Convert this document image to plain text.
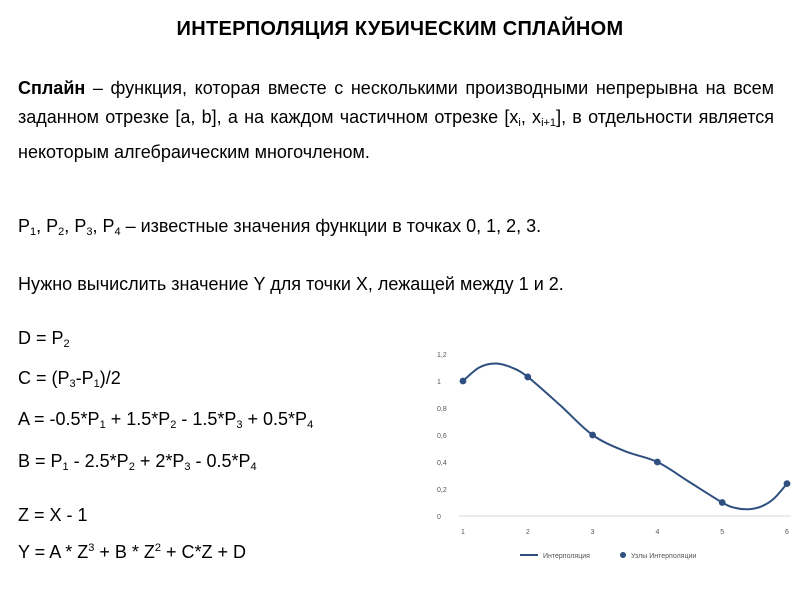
ИНТЕРПОЛЯЦИЯ КУБИЧЕСКИМ СПЛАЙНОМ
Сплайн – функция, которая вместе с несколькими производными непрерывна на всем заданном отрезке [a, b], а на каждом частичном отрезке [$x_i$, $x_{i+1}$], в отдельности является некоторым алгебраическим многочленом.
$P_1$, $P_2$, $P_3$, $P_4$ – известные значения функции в точках 0, 1, 2, 3.
Нужно вычислить значение Y для точки X, лежащей между 1 и 2.
$D = P_2$
$C = (P_3-P_1)/2$
$A = -0.5*P_1 + 1.5*P_2 - 1.5*P_3 + 0.5*P_4$
$B = P_1 - 2.5*P_2 + 2*P_3 - 0.5*P_4$
Z = X - 1
$Y = A * Z^3 + B * Z^2 + C*Z + D$
0
0,2
0,4
0,6
0,8
1
1,2
1	2	3	4	5	6
Интерполяция	Узлы Интерполяции
